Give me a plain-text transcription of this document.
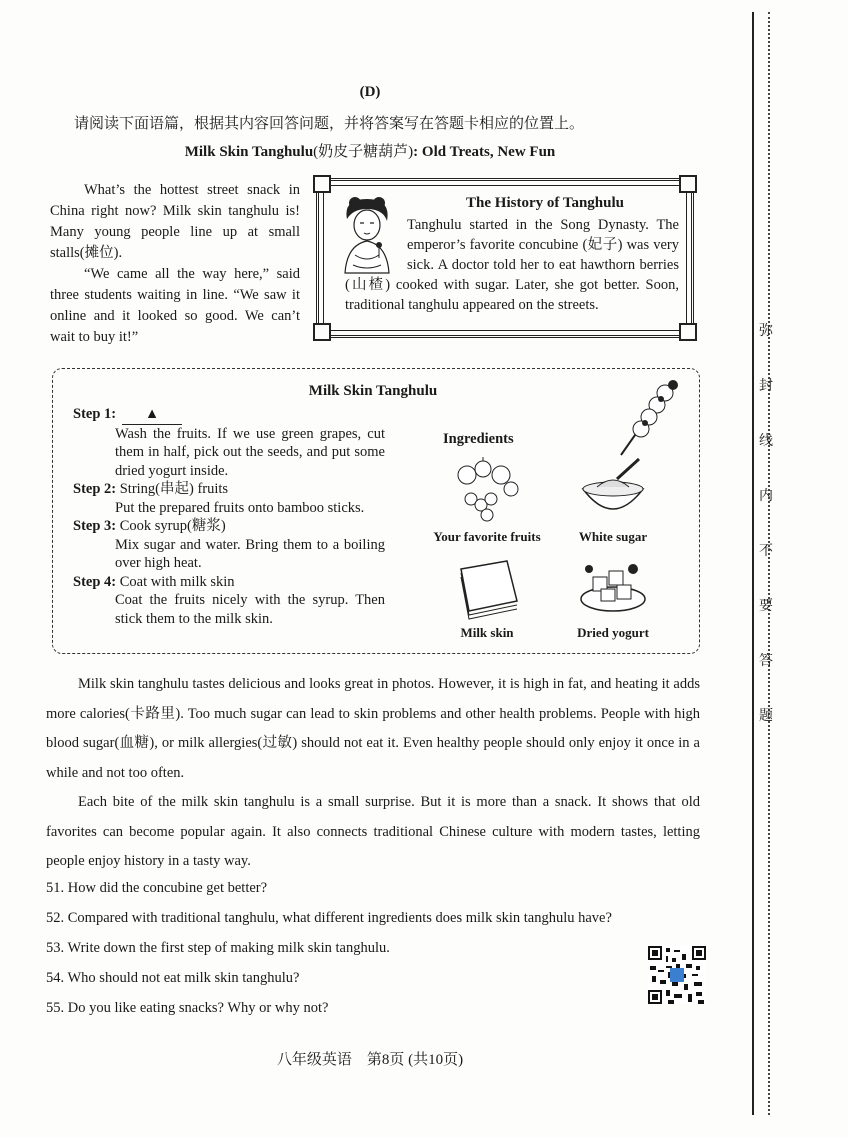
(D)
请阅读下面语篇，根据其内容回答问题，并将答案写在答题卡相应的位置上。
Milk Skin Tanghulu(奶皮子糖葫芦): Old Treats, New Fun

What’s the hottest street snack in China right now? Milk skin tanghulu is! Many young people line up at small stalls(摊位).

“We came all the way here,” said three students waiting in line. “We saw it online and it looked so good. We can’t wait to buy it!”

The History of Tanghulu
Tanghulu started in the Song Dynasty. The emperor’s favorite concubine (妃子) was very sick. A doctor told her to eat hawthorn berries (山楂) cooked with sugar. Later, she got better. Soon, traditional tanghulu appeared on the streets.
Milk Skin Tanghulu
Step 1: ▲
Wash the fruits. If we use green grapes, cut them in half, pick out the seeds, and put some dried yogurt inside.
Step 2: String(串起) fruits
Put the prepared fruits onto bamboo sticks.
Step 3: Cook syrup(糖浆)
Mix sugar and water. Bring them to a boiling over high heat.
Step 4: Coat with milk skin
Coat the fruits nicely with the syrup. Then stick them to the milk skin.
Ingredients
Your favorite fruits	White sugar
Milk skin	Dried yogurt

Milk skin tanghulu tastes delicious and looks great in photos. However, it is high in fat, and heating it adds more calories(卡路里). Too much sugar can lead to skin problems and other health problems. People with high blood sugar(血糖), or milk allergies(过敏) should not eat it. Even healthy people should only enjoy it once in a while and not too often.

Each bite of the milk skin tanghulu is a small surprise. But it is more than a snack. It shows that old favorites can become popular again. It also connects traditional Chinese culture with modern tastes, letting people enjoy history in a tasty way.

51. How did the concubine get better?
52. Compared with traditional tanghulu, what different ingredients does milk skin tanghulu have?
53. Write down the first step of making milk skin tanghulu.
54. Who should not eat milk skin tanghulu?
55. Do you like eating snacks? Why or why not?
八年级英语　第8页 (共10页)
弥
封
线
内
不
要
答
题
